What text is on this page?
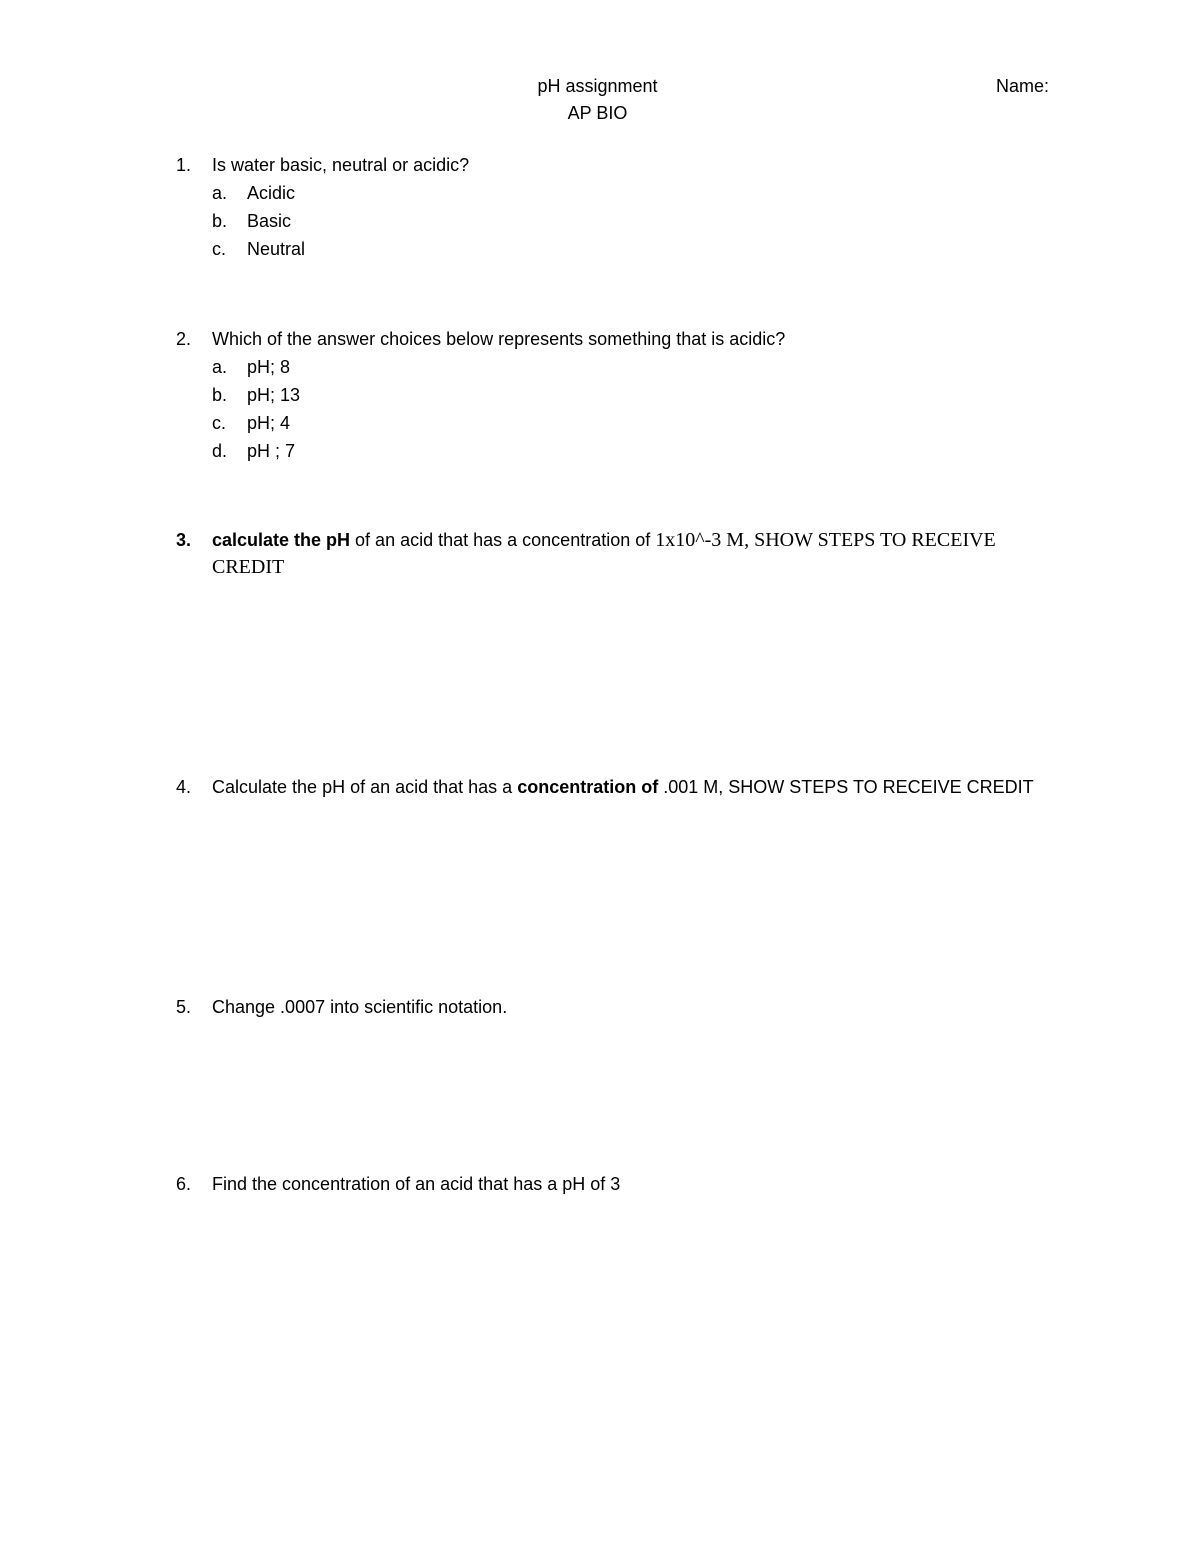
pH assignment
AP BIO
Name:
1.	Is water basic, neutral or acidic?
a. Acidic
b. Basic
c. Neutral
2.	Which of the answer choices below represents something that is acidic?
a. pH; 8
b. pH; 13
c. pH; 4
d. pH ; 7
3.	calculate the pH of an acid that has a concentration of 1x10^-3 M, SHOW STEPS TO RECEIVE
CREDIT
4.	Calculate the pH of an acid that has a concentration of .001 M, SHOW STEPS TO RECEIVE CREDIT
5.	Change .0007 into scientific notation.
6.	Find the concentration of an acid that has a pH of 3
